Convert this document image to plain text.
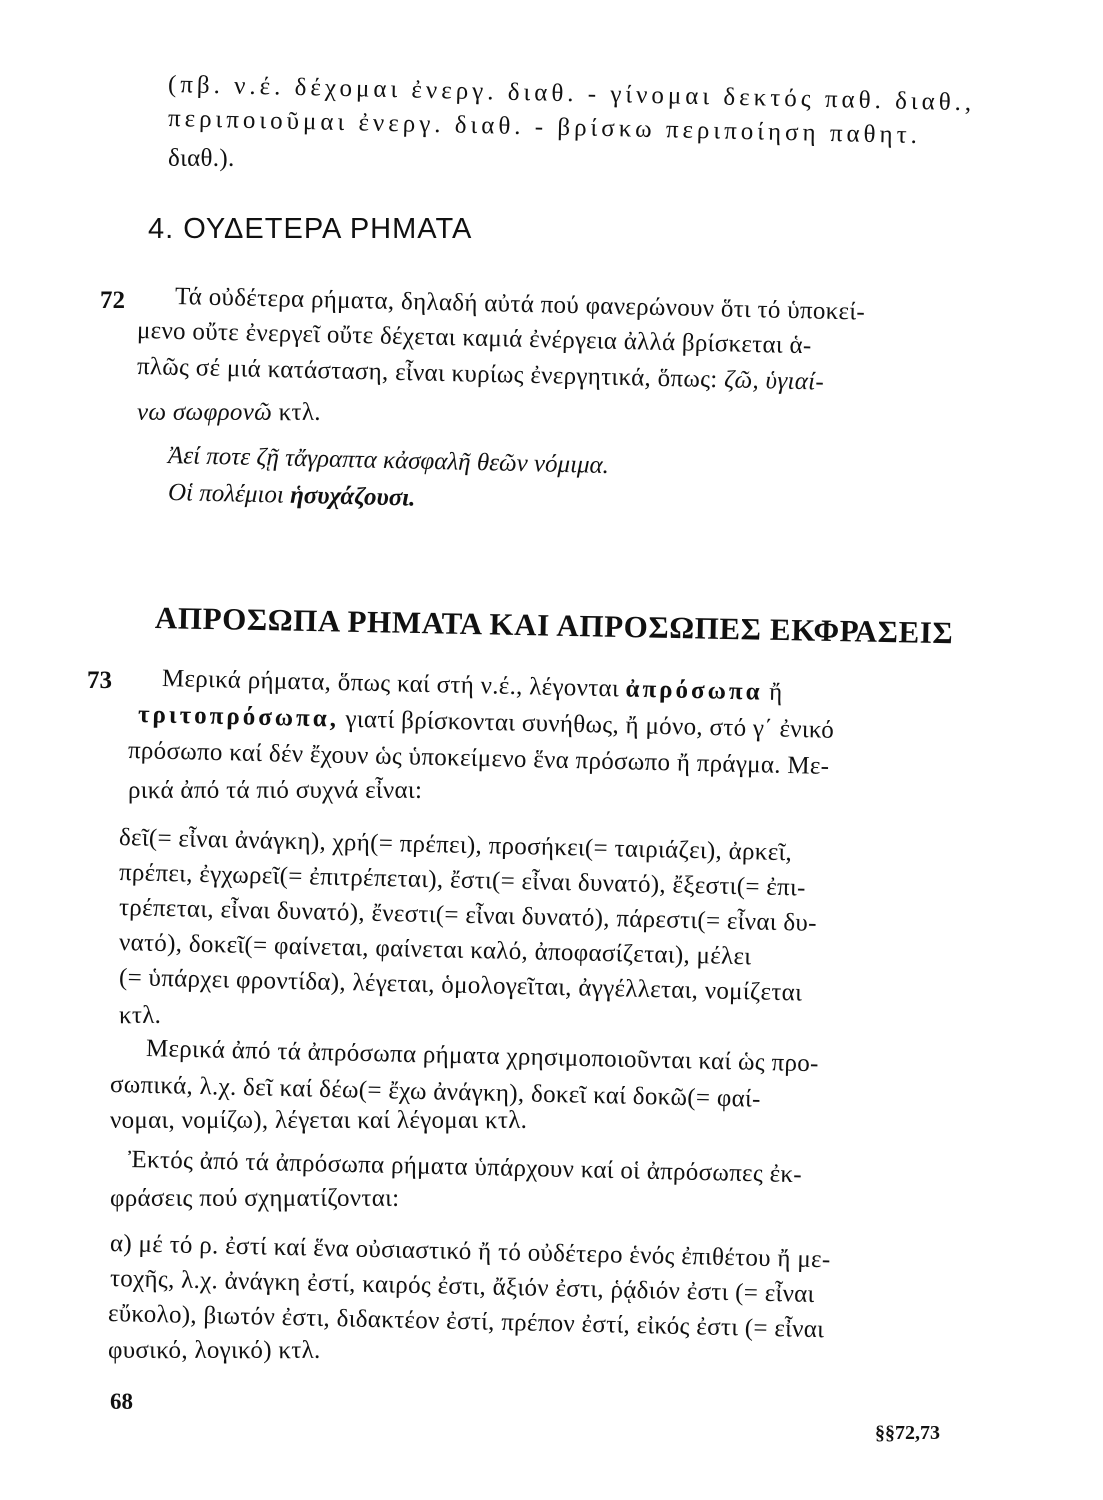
(πβ. ν.έ. δέχομαι ἐνεργ. διαθ. - γίνομαι δεκτός παθ. διαθ.,
περιποιοῦμαι ἐνεργ. διαθ. - βρίσκω περιποίηση παθητ.
διαθ.).
4. ΟΥΔΕΤΕΡΑ ΡΗΜΑΤΑ
72 Τά οὐδέτερα ρήματα, δηλαδή αὐτά πού φανερώνουν ὅτι τό ὑποκεί-
μενο οὔτε ἐνεργεῖ οὔτε δέχεται καμιά ἐνέργεια ἀλλά βρίσκεται ἁ-
πλῶς σέ μιά κατάσταση, εἶναι κυρίως ἐνεργητικά, ὅπως: ζῶ, ὑγιαί-
νω σωφρονῶ κτλ.
Ἀεί ποτε ζῇ τἄγραπτα κἀσφαλῆ θεῶν νόμιμα.
Οἱ πολέμιοι ἡσυχάζουσι.
ΑΠΡΟΣΩΠΑ ΡΗΜΑΤΑ ΚΑΙ ΑΠΡΟΣΩΠΕΣ ΕΚΦΡΑΣΕΙΣ
73 Μερικά ρήματα, ὅπως καί στή ν.έ., λέγονται ἀπρόσωπα ἤ
τριτοπρόσωπα, γιατί βρίσκονται συνήθως, ἤ μόνο, στό γ΄ ἐνικό
πρόσωπο καί δέν ἔχουν ὡς ὑποκείμενο ἕνα πρόσωπο ἤ πράγμα. Με-
ρικά ἀπό τά πιό συχνά εἶναι:
δεῖ(= εἶναι ἀνάγκη), χρή(= πρέπει), προσήκει(= ταιριάζει), ἀρκεῖ,
πρέπει, ἐγχωρεῖ(= ἐπιτρέπεται), ἔστι(= εἶναι δυνατό), ἔξεστι(= ἐπι-
τρέπεται, εἶναι δυνατό), ἔνεστι(= εἶναι δυνατό), πάρεστι(= εἶναι δυ-
νατό), δοκεῖ(= φαίνεται, φαίνεται καλό, ἀποφασίζεται), μέλει
(= ὑπάρχει φροντίδα), λέγεται, ὁμολογεῖται, ἀγγέλλεται, νομίζεται
κτλ.
Μερικά ἀπό τά ἀπρόσωπα ρήματα χρησιμοποιοῦνται καί ὡς προ-
σωπικά, λ.χ. δεῖ καί δέω(= ἔχω ἀνάγκη), δοκεῖ καί δοκῶ(= φαί-
νομαι, νομίζω), λέγεται καί λέγομαι κτλ.
Ἐκτός ἀπό τά ἀπρόσωπα ρήματα ὑπάρχουν καί οἱ ἀπρόσωπες ἐκ-
φράσεις πού σχηματίζονται:
α) μέ τό ρ. ἐστί καί ἕνα οὐσιαστικό ἤ τό οὐδέτερο ἑνός ἐπιθέτου ἤ με-
τοχῆς, λ.χ. ἀνάγκη ἐστί, καιρός ἐστι, ἄξιόν ἐστι, ῥᾴδιόν ἐστι (= εἶναι
εὔκολο), βιωτόν ἐστι, διδακτέον ἐστί, πρέπον ἐστί, εἰκός ἐστι (= εἶναι
φυσικό, λογικό) κτλ.
68
§§72,73
